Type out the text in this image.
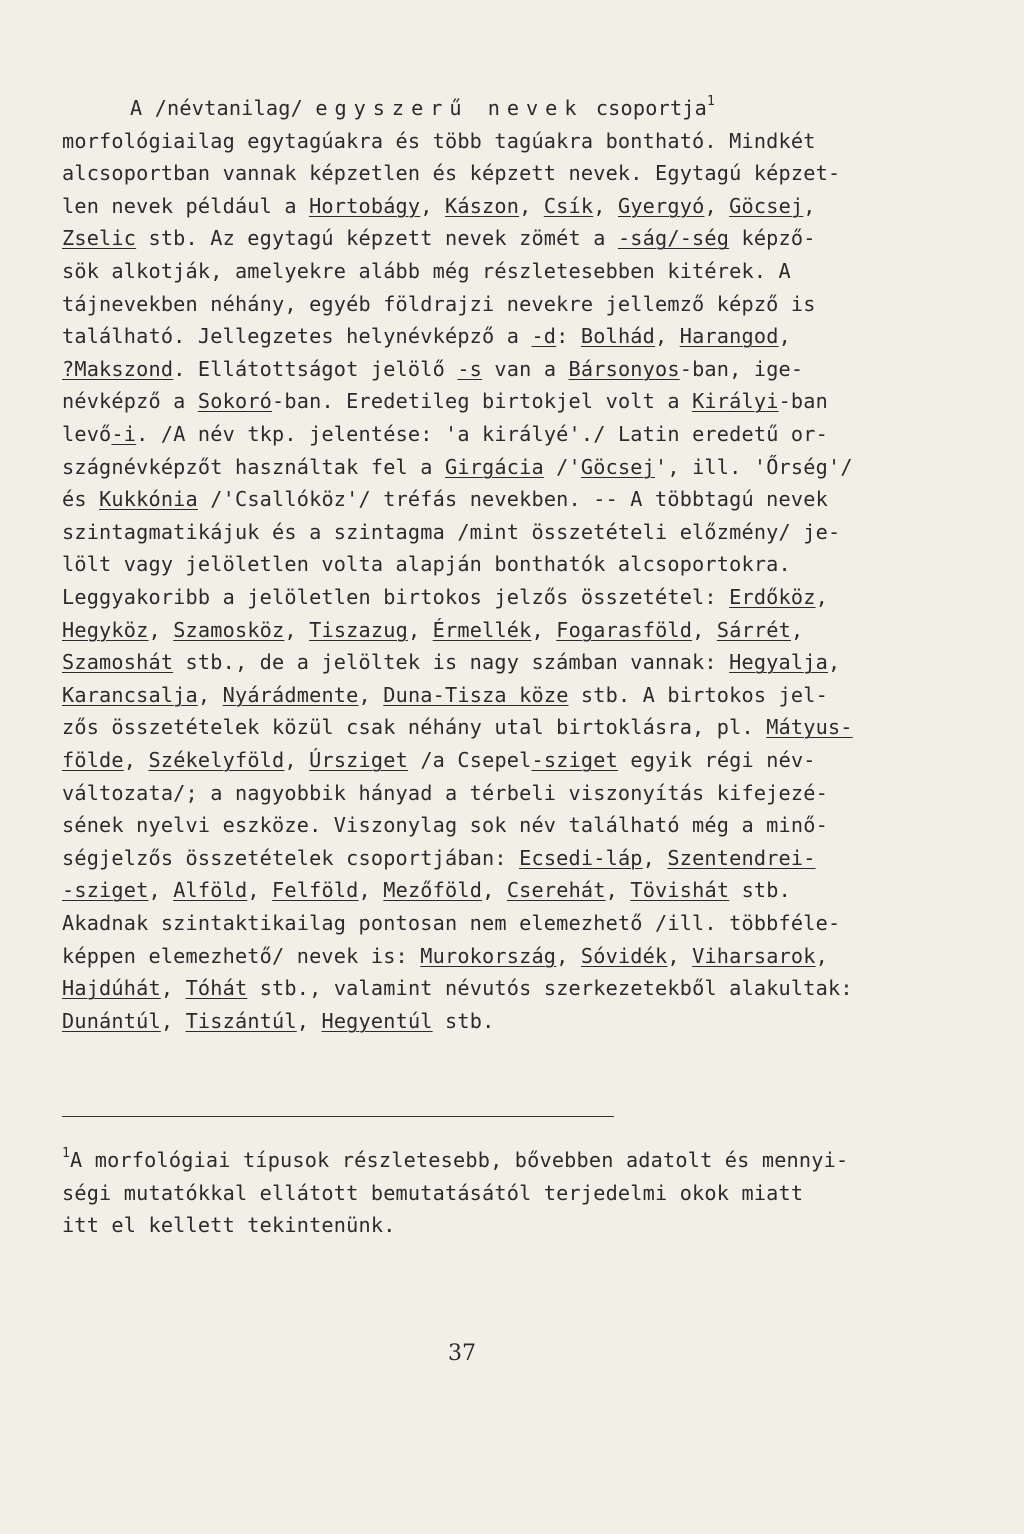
A /névtanilag/ egyszerű nevek csoportja$^1$
morfológiailag egytagúakra és több tagúakra bontható. Mindkét
alcsoportban vannak képzetlen és képzett nevek. Egytagú képzet-
len nevek például a Hortobágy, Kászon, Csík, Gyergyó, Göcsej,
Zselic stb. Az egytagú képzett nevek zömét a -ság/-ség képző-
sök alkotják, amelyekre alább még részletesebben kitérek. A
tájnevekben néhány, egyéb földrajzi nevekre jellemző képző is
található. Jellegzetes helynévképző a -d: Bolhád, Harangod,
?Makszond. Ellátottságot jelölő -s van a Bársonyos-ban, ige-
névképző a Sokoró-ban. Eredetileg birtokjel volt a Királyi-ban
levő-i. /A név tkp. jelentése: 'a királyé'./ Latin eredetű or-
szágnévképzőt használtak fel a Girgácia /'Göcsej', ill. 'Őrség'/
és Kukkónia /'Csallóköz'/ tréfás nevekben. -- A többtagú nevek
szintagmatikájuk és a szintagma /mint összetételi előzmény/ je-
lölt vagy jelöletlen volta alapján bonthatók alcsoportokra.
Leggyakoribb a jelöletlen birtokos jelzős összetétel: Erdőköz,
Hegyköz, Szamosköz, Tiszazug, Érmellék, Fogarasföld, Sárrét,
Szamoshát stb., de a jelöltek is nagy számban vannak: Hegyalja,
Karancsalja, Nyárádmente, Duna-Tisza köze stb. A birtokos jel-
zős összetételek közül csak néhány utal birtoklásra, pl. Mátyus-
földe, Székelyföld, Úrsziget /a Csepel-sziget egyik régi név-
változata/; a nagyobbik hányad a térbeli viszonyítás kifejezé-
sének nyelvi eszköze. Viszonylag sok név található még a minő-
ségjelzős összetételek csoportjában: Ecsedi-láp, Szentendrei-
-sziget, Alföld, Felföld, Mezőföld, Cserehát, Tövishát stb.
Akadnak szintaktikailag pontosan nem elemezhető /ill. többféle-
képpen elemezhető/ nevek is: Murokország, Sóvidék, Viharsarok,
Hajdúhát, Tóhát stb., valamint névutós szerkezetekből alakultak:
Dunántúl, Tiszántúl, Hegyentúl stb.
$^1$A morfológiai típusok részletesebb, bővebben adatolt és mennyi-
ségi mutatókkal ellátott bemutatásától terjedelmi okok miatt
itt el kellett tekintenünk.
37
